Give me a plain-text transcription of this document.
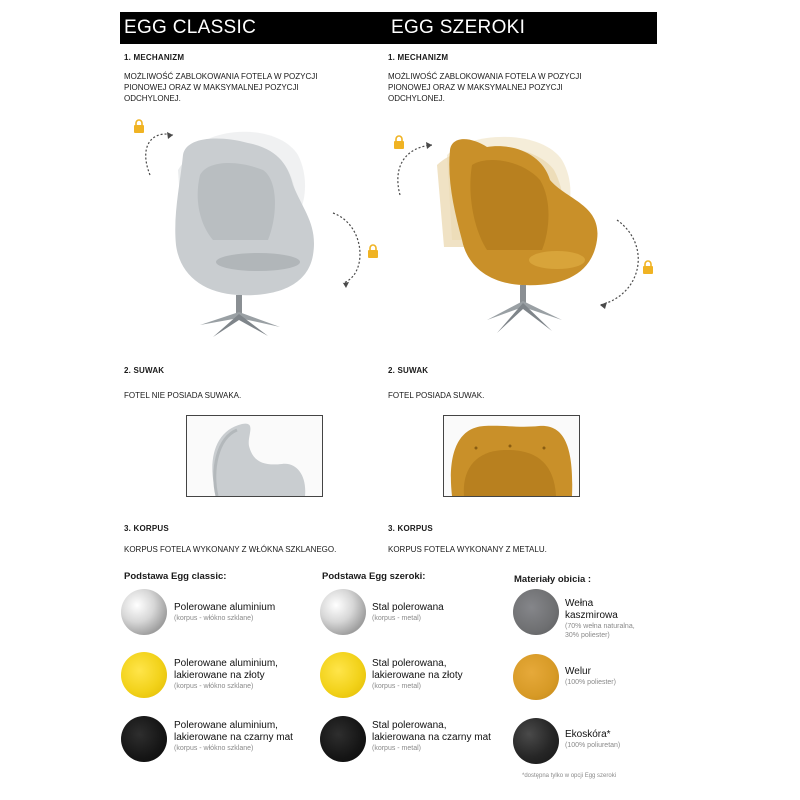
EGG CLASSIC	EGG SZEROKI
1. MECHANIZM
MOŻLIWOŚĆ ZABLOKOWANIA FOTELA W POZYCJI
PIONOWEJ ORAZ W MAKSYMALNEJ POZYCJI
ODCHYLONEJ.
1. MECHANIZM
MOŻLIWOŚĆ ZABLOKOWANIA FOTELA W POZYCJI
PIONOWEJ ORAZ W MAKSYMALNEJ POZYCJI
ODCHYLONEJ.
2. SUWAK
FOTEL NIE POSIADA SUWAKA.
2. SUWAK
FOTEL POSIADA SUWAK.
3. KORPUS
KORPUS FOTELA WYKONANY Z WŁÓKNA SZKLANEGO.
3. KORPUS
KORPUS FOTELA WYKONANY Z METALU.
Podstawa Egg classic:
Polerowane aluminium
(korpus - włókno szklane)
Polerowane aluminium,
lakierowane na złoty
(korpus - włókno szklane)
Polerowane aluminium,
lakierowane na czarny mat
(korpus - włókno szklane)
Podstawa Egg szeroki:
Stal polerowana
(korpus - metal)
Stal polerowana,
lakierowane na złoty
(korpus - metal)
Stal polerowana,
lakierowana na czarny mat
(korpus - metal)
Materiały obicia :
Wełna
kaszmirowa
(70% wełna naturalna,
30% poliester)
Welur
(100% poliester)
Ekoskóra*
(100% poliuretan)
*dostępna tylko w opcji Egg szeroki
